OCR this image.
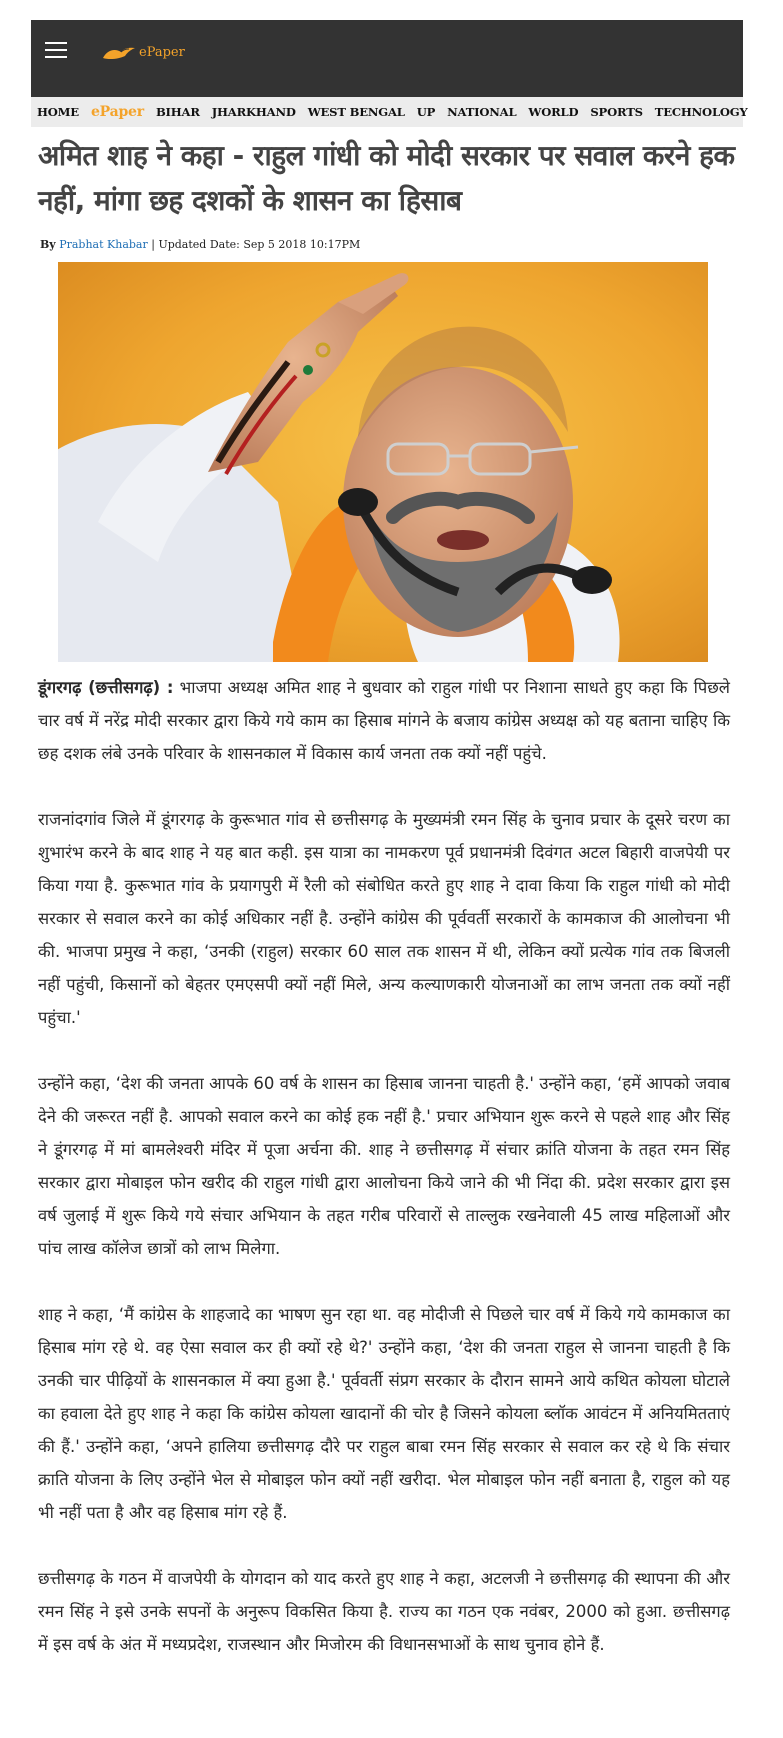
ePaper
HOME ePaper BIHAR JHARKHAND WEST BENGAL UP NATIONAL WORLD SPORTS TECHNOLOGY
अमित शाह ने कहा - राहुल गांधी को मोदी सरकार पर सवाल करने हक नहीं, मांगा छह दशकों के शासन का हिसाब
By Prabhat Khabar | Updated Date: Sep 5 2018 10:17PM

डूंगरगढ़ (छत्तीसगढ़) : भाजपा अध्यक्ष अमित शाह ने बुधवार को राहुल गांधी पर निशाना साधते हुए कहा कि पिछले चार वर्ष में नरेंद्र मोदी सरकार द्वारा किये गये काम का हिसाब मांगने के बजाय कांग्रेस अध्यक्ष को यह बताना चाहिए कि छह दशक लंबे उनके परिवार के शासनकाल में विकास कार्य जनता तक क्यों नहीं पहुंचे.

राजनांदगांव जिले में डूंगरगढ़ के कुरूभात गांव से छत्तीसगढ़ के मुख्यमंत्री रमन सिंह के चुनाव प्रचार के दूसरे चरण का शुभारंभ करने के बाद शाह ने यह बात कही. इस यात्रा का नामकरण पूर्व प्रधानमंत्री दिवंगत अटल बिहारी वाजपेयी पर किया गया है. कुरूभात गांव के प्रयागपुरी में रैली को संबोधित करते हुए शाह ने दावा किया कि राहुल गांधी को मोदी सरकार से सवाल करने का कोई अधिकार नहीं है. उन्होंने कांग्रेस की पूर्ववर्ती सरकारों के कामकाज की आलोचना भी की. भाजपा प्रमुख ने कहा, ‘उनकी (राहुल) सरकार 60 साल तक शासन में थी, लेकिन क्यों प्रत्येक गांव तक बिजली नहीं पहुंची, किसानों को बेहतर एमएसपी क्यों नहीं मिले, अन्य कल्याणकारी योजनाओं का लाभ जनता तक क्यों नहीं पहुंचा.'

उन्होंने कहा, ‘देश की जनता आपके 60 वर्ष के शासन का हिसाब जानना चाहती है.' उन्होंने कहा, ‘हमें आपको जवाब देने की जरूरत नहीं है. आपको सवाल करने का कोई हक नहीं है.' प्रचार अभियान शुरू करने से पहले शाह और सिंह ने डूंगरगढ़ में मां बामलेश्वरी मंदिर में पूजा अर्चना की. शाह ने छत्तीसगढ़ में संचार क्रांति योजना के तहत रमन सिंह सरकार द्वारा मोबाइल फोन खरीद की राहुल गांधी द्वारा आलोचना किये जाने की भी निंदा की. प्रदेश सरकार द्वारा इस वर्ष जुलाई में शुरू किये गये संचार अभियान के तहत गरीब परिवारों से ताल्लुक रखनेवाली 45 लाख महिलाओं और पांच लाख कॉलेज छात्रों को लाभ मिलेगा.

शाह ने कहा, ‘मैं कांग्रेस के शाहजादे का भाषण सुन रहा था. वह मोदीजी से पिछले चार वर्ष में किये गये कामकाज का हिसाब मांग रहे थे. वह ऐसा सवाल कर ही क्यों रहे थे?' उन्होंने कहा, ‘देश की जनता राहुल से जानना चाहती है कि उनकी चार पीढ़ियों के शासनकाल में क्या हुआ है.' पूर्ववर्ती संप्रग सरकार के दौरान सामने आये कथित कोयला घोटाले का हवाला देते हुए शाह ने कहा कि कांग्रेस कोयला खादानों की चोर है जिसने कोयला ब्लॉक आवंटन में अनियमितताएं की हैं.' उन्होंने कहा, ‘अपने हालिया छत्तीसगढ़ दौरे पर राहुल बाबा रमन सिंह सरकार से सवाल कर रहे थे कि संचार क्राति योजना के लिए उन्होंने भेल से मोबाइल फोन क्यों नहीं खरीदा. भेल मोबाइल फोन नहीं बनाता है, राहुल को यह भी नहीं पता है और वह हिसाब मांग रहे हैं.

छत्तीसगढ़ के गठन में वाजपेयी के योगदान को याद करते हुए शाह ने कहा, अटलजी ने छत्तीसगढ़ की स्थापना की और रमन सिंह ने इसे उनके सपनों के अनुरूप विकसित किया है. राज्य का गठन एक नवंबर, 2000 को हुआ. छत्तीसगढ़ में इस वर्ष के अंत में मध्यप्रदेश, राजस्थान और मिजोरम की विधानसभाओं के साथ चुनाव होने हैं.
